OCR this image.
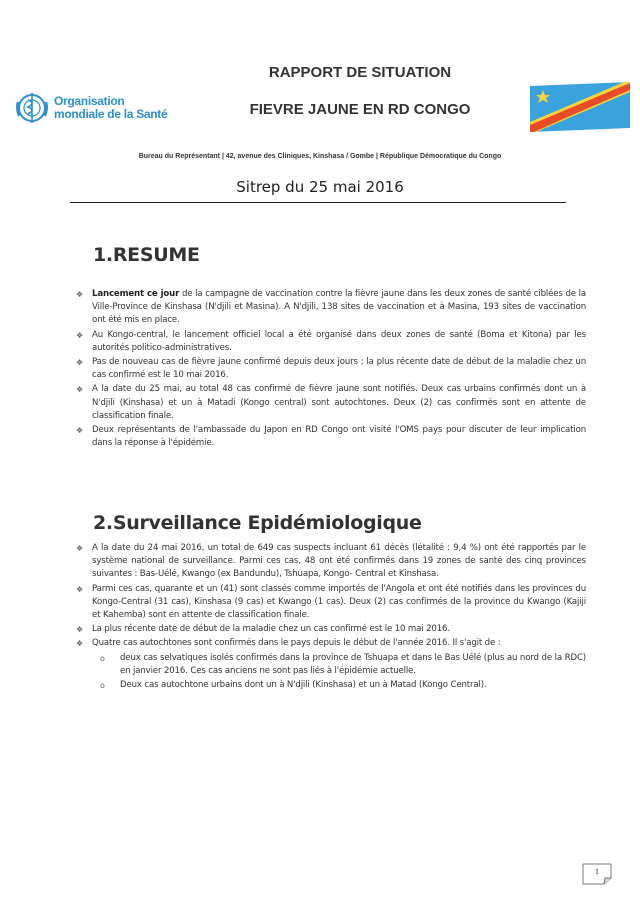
Organisation
mondiale de la Santé
RAPPORT DE SITUATION
FIEVRE JAUNE EN RD CONGO
Bureau du Représentant | 42, avenue des Cliniques, Kinshasa / Gombe | République Démocratique du Congo
Sitrep du 25 mai 2016
1.RESUME
❖ Lancement ce jour de la campagne de vaccination contre la fièvre jaune dans les deux zones de santé ciblées de la Ville-Province de Kinshasa (N'djili et Masina). A N'djili, 138 sites de vaccination et à Masina, 193 sites de vaccination ont été mis en place.
❖ Au Kongo-central, le lancement officiel local a été organisé dans deux zones de santé (Boma et Kitona) par les autorités politico-administratives.
❖ Pas de nouveau cas de fièvre jaune confirmé depuis deux jours ; la plus récente date de début de la maladie chez un cas confirmé est le 10 mai 2016.
❖ A la date du 25 mai, au total 48 cas confirmé de fièvre jaune sont notifiés. Deux cas urbains confirmés dont un à N'djili (Kinshasa) et un à Matadi (Kongo central) sont autochtones. Deux (2) cas confirmés sont en attente de classification finale.
❖ Deux représentants de l'ambassade du Japon en RD Congo ont visité l'OMS pays pour discuter de leur implication dans la réponse à l'épidémie.
2.Surveillance Epidémiologique
❖ A la date du 24 mai 2016, un total de 649 cas suspects incluant 61 décès (létalité : 9,4 %) ont été rapportés par le système national de surveillance. Parmi ces cas, 48 ont été confirmés dans 19 zones de santé des cinq provinces suivantes : Bas-Uélé, Kwango (ex Bandundu), Tshuapa, Kongo- Central et Kinshasa.
❖ Parmi ces cas, quarante et un (41) sont classés comme importés de l'Angola et ont été notifiés dans les provinces du Kongo-Central (31 cas), Kinshasa (9 cas) et Kwango (1 cas). Deux (2) cas confirmés de la province du Kwango (Kajiji et Kahemba) sont en attente de classification finale.
❖ La plus récente date de début de la maladie chez un cas confirmé est le 10 mai 2016.
❖ Quatre cas autochtones sont confirmés dans le pays depuis le début de l'année 2016. Il s'agit de :
o deux cas selvatiques isolés confirmés dans la province de Tshuapa et dans le Bas Uélé (plus au nord de la RDC) en janvier 2016. Ces cas anciens ne sont pas liés à l'épidémie actuelle.
o Deux cas autochtone urbains dont un à N'djili (Kinshasa) et un à Matad (Kongo Central).
1
